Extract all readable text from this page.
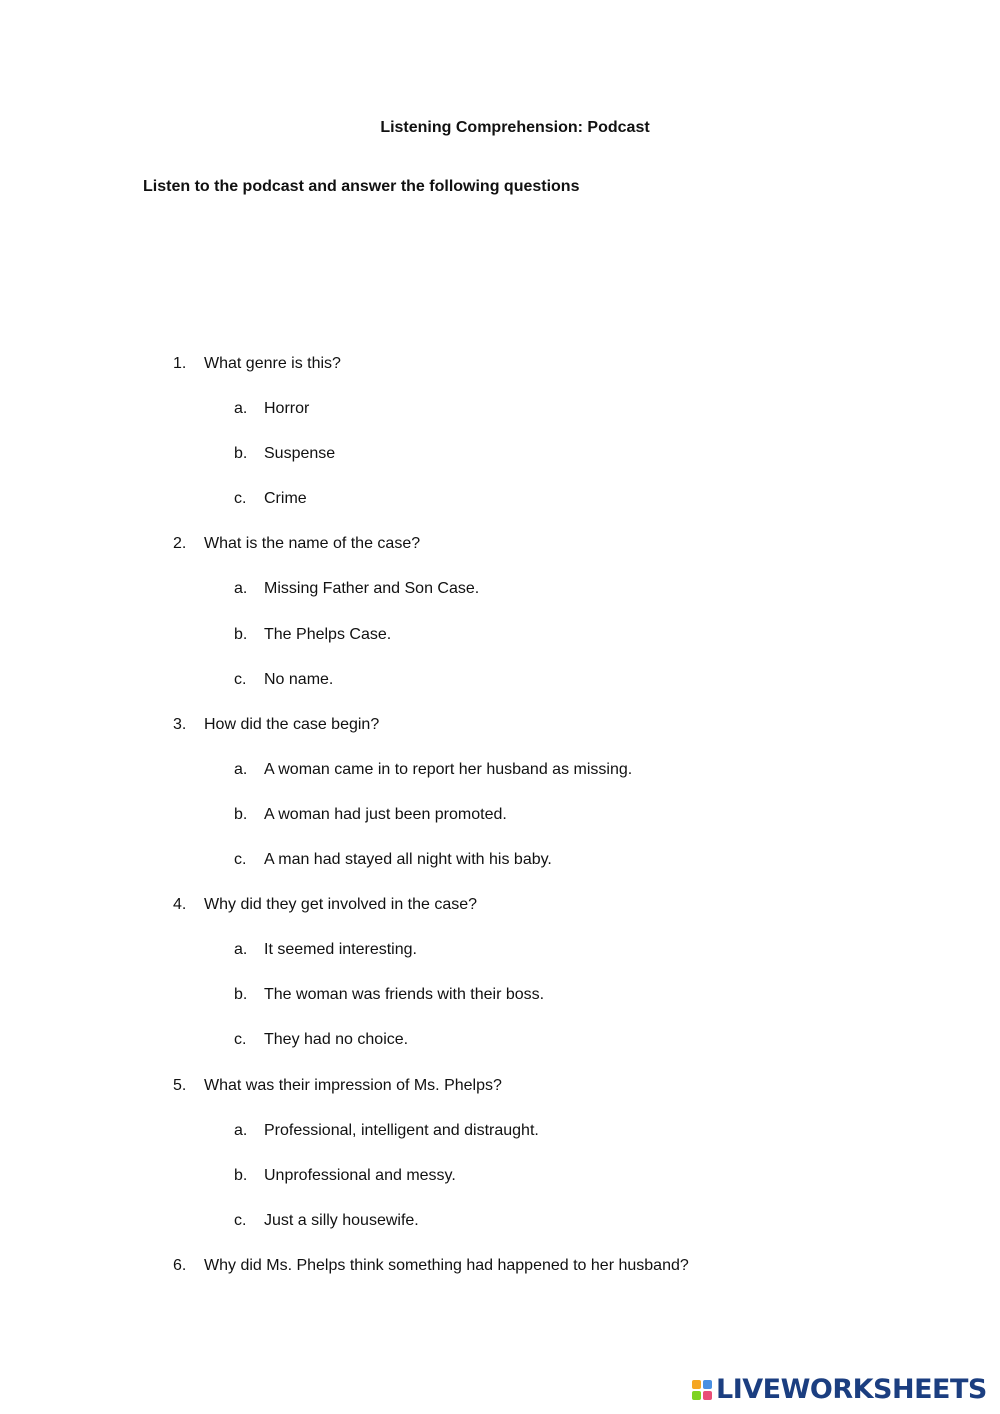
Listening Comprehension: Podcast

Listen to the podcast and answer the following questions

1. What genre is this?
a. Horror
b. Suspense
c. Crime
2. What is the name of the case?
a. Missing Father and Son Case.
b. The Phelps Case.
c. No name.
3. How did the case begin?
a. A woman came in to report her husband as missing.
b. A woman had just been promoted.
c. A man had stayed all night with his baby.
4. Why did they get involved in the case?
a. It seemed interesting.
b. The woman was friends with their boss.
c. They had no choice.
5. What was their impression of Ms. Phelps?
a. Professional, intelligent and distraught.
b. Unprofessional and messy.
c. Just a silly housewife.
6. Why did Ms. Phelps think something had happened to her husband?
LIVEWORKSHEETS
